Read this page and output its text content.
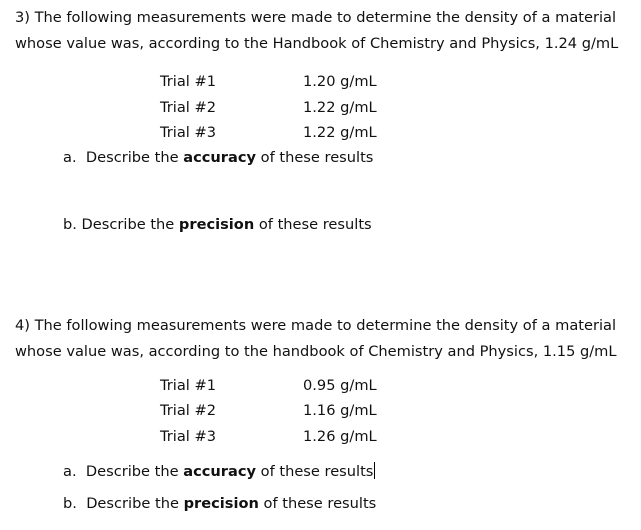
3) The following measurements were made to determine the density of a material
whose value was, according to the Handbook of Chemistry and Physics, 1.24 g/mL
Trial #1	1.20 g/mL
Trial #2	1.22 g/mL
Trial #3	1.22 g/mL
a. Describe the accuracy of these results
b. Describe the precision of these results
4) The following measurements were made to determine the density of a material
whose value was, according to the handbook of Chemistry and Physics, 1.15 g/mL
Trial #1	0.95 g/mL
Trial #2	1.16 g/mL
Trial #3	1.26 g/mL
a. Describe the accuracy of these results
b. Describe the precision of these results
